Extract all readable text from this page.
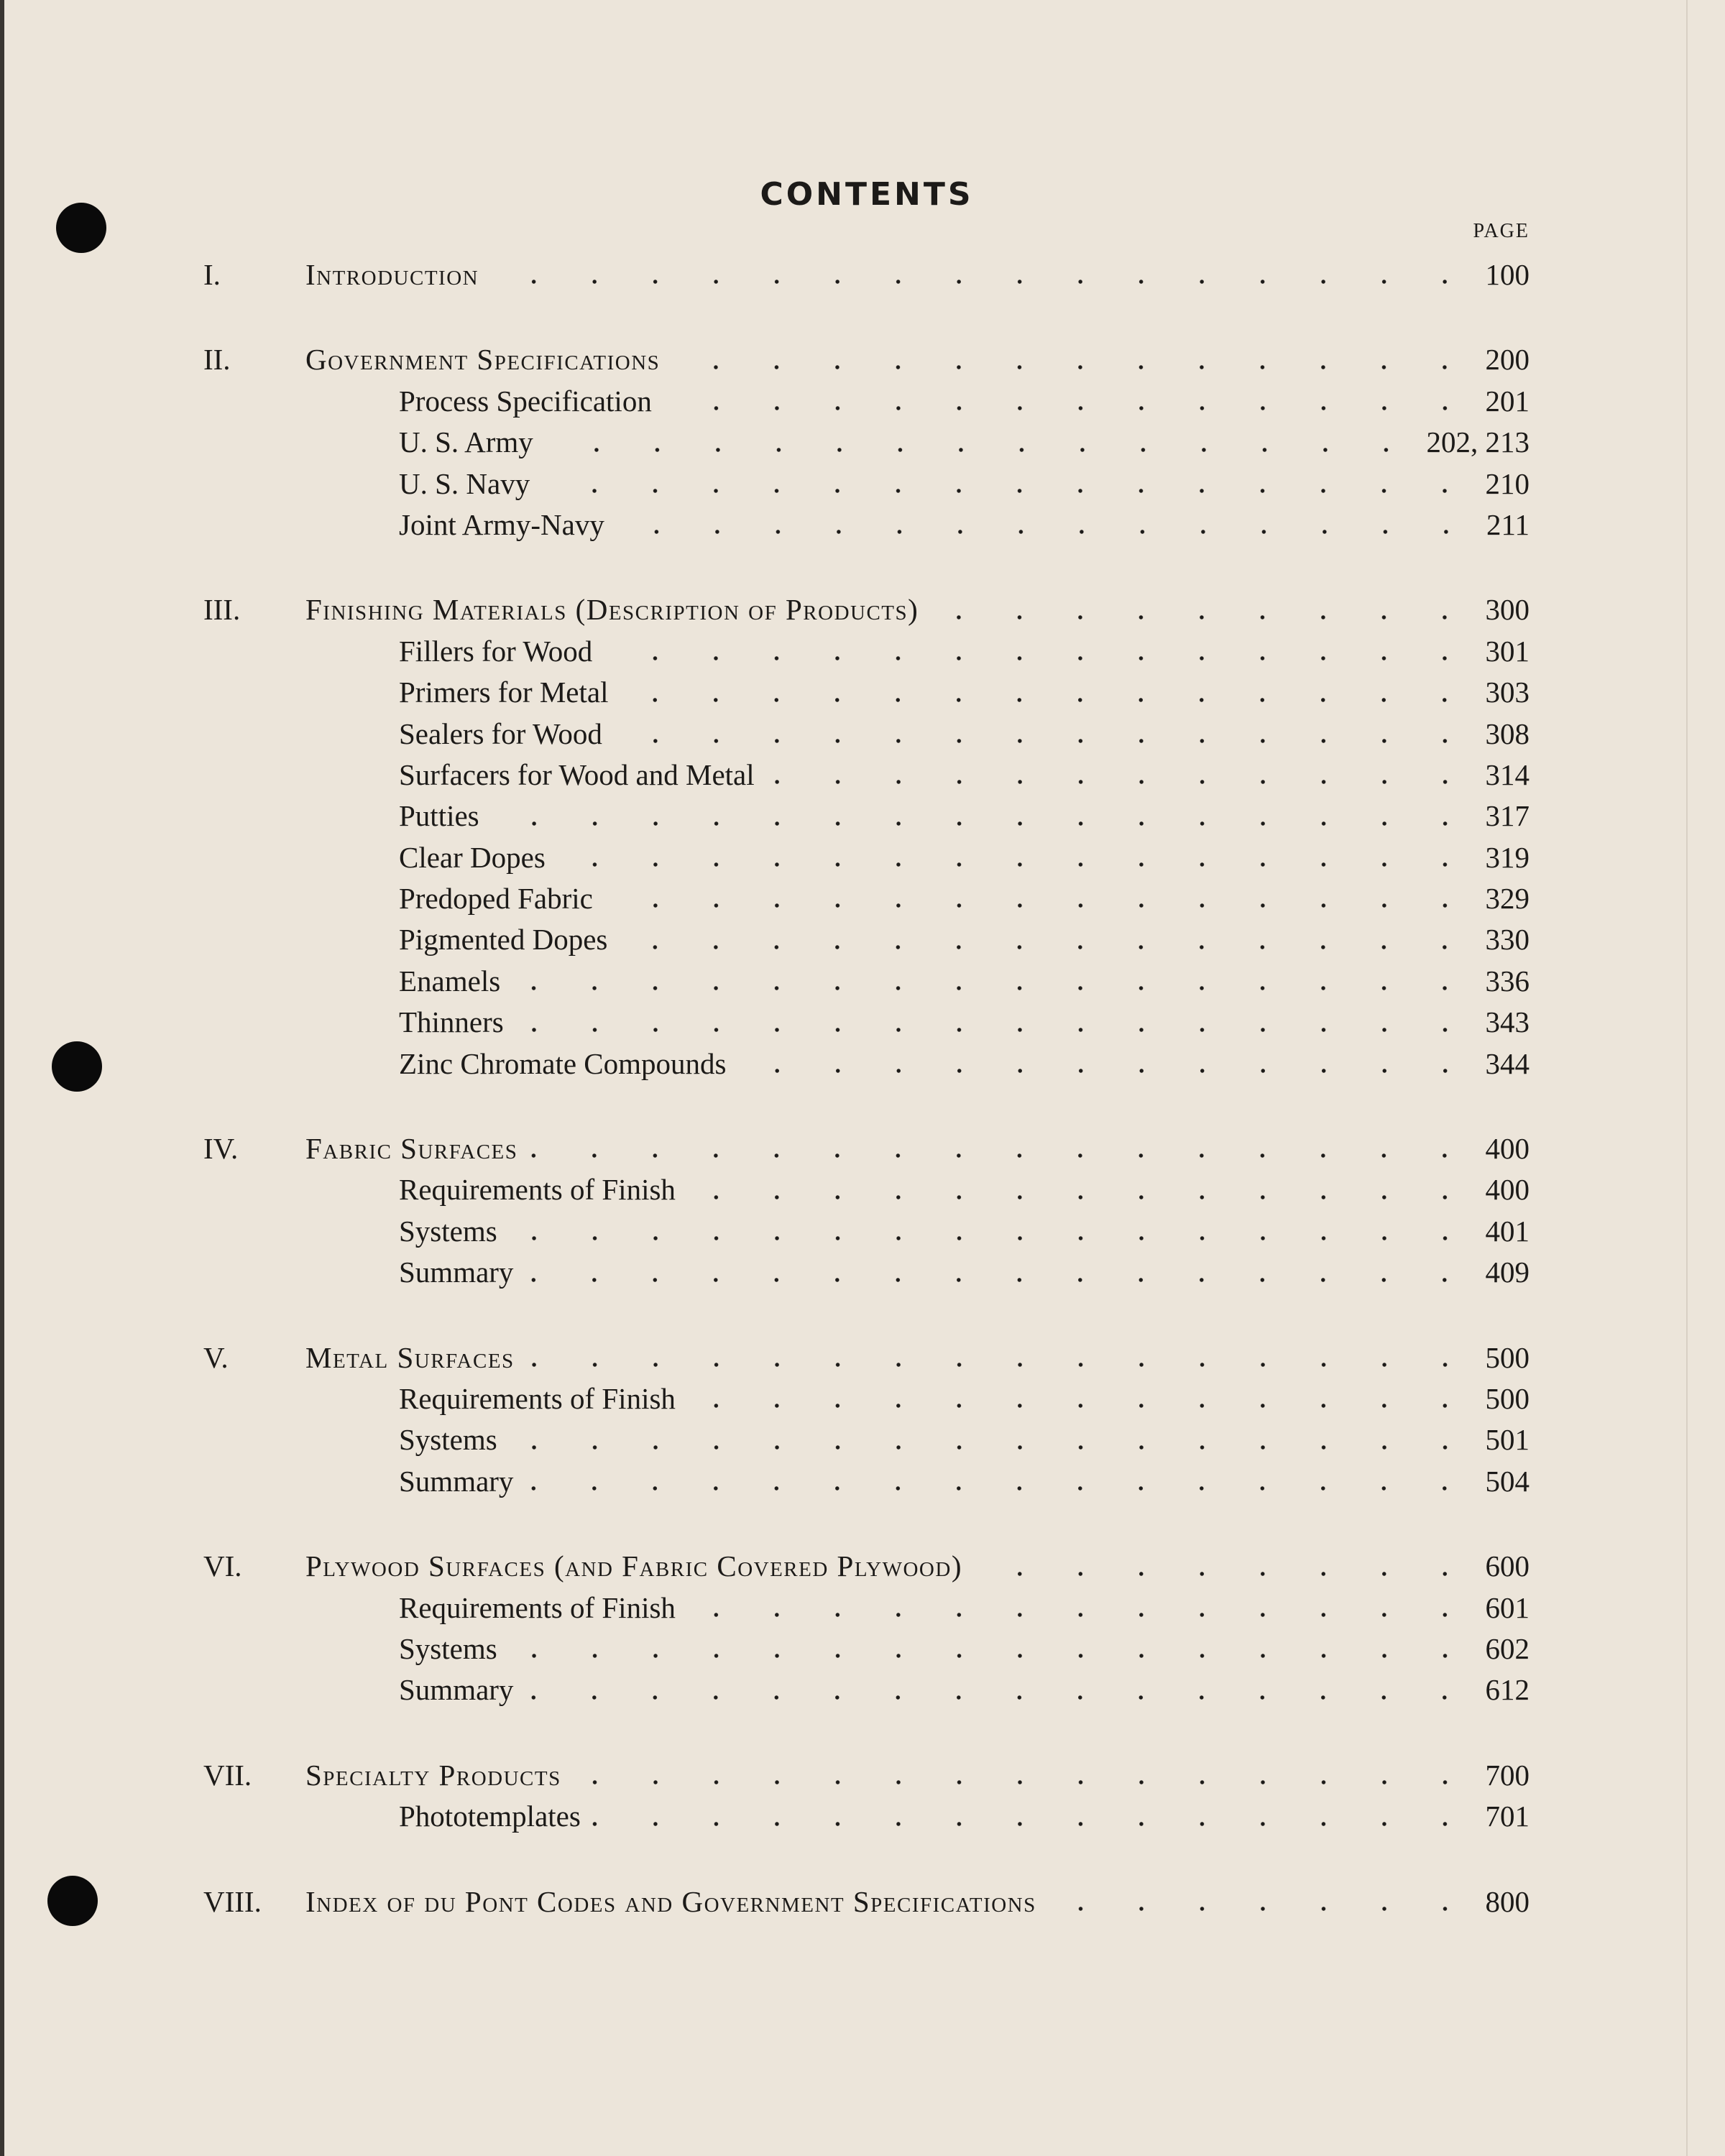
CONTENTS
PAGE
I.	Introduction	100
II.	Government Specifications	200
Process Specification	201
U. S. Army	202, 213
U. S. Navy	210
Joint Army-Navy	211
III.	Finishing Materials (Description of Products)	300
Fillers for Wood	301
Primers for Metal	303
Sealers for Wood	308
Surfacers for Wood and Metal	314
Putties	317
Clear Dopes	319
Predoped Fabric	329
Pigmented Dopes	330
Enamels	336
Thinners	343
Zinc Chromate Compounds	344
IV.	Fabric Surfaces	400
Requirements of Finish	400
Systems	401
Summary	409
V.	Metal Surfaces	500
Requirements of Finish	500
Systems	501
Summary	504
VI.	Plywood Surfaces (and Fabric Covered Plywood)	600
Requirements of Finish	601
Systems	602
Summary	612
VII.	Specialty Products	700
Phototemplates	701
VIII.	Index of du Pont Codes and Government Specifications	800
